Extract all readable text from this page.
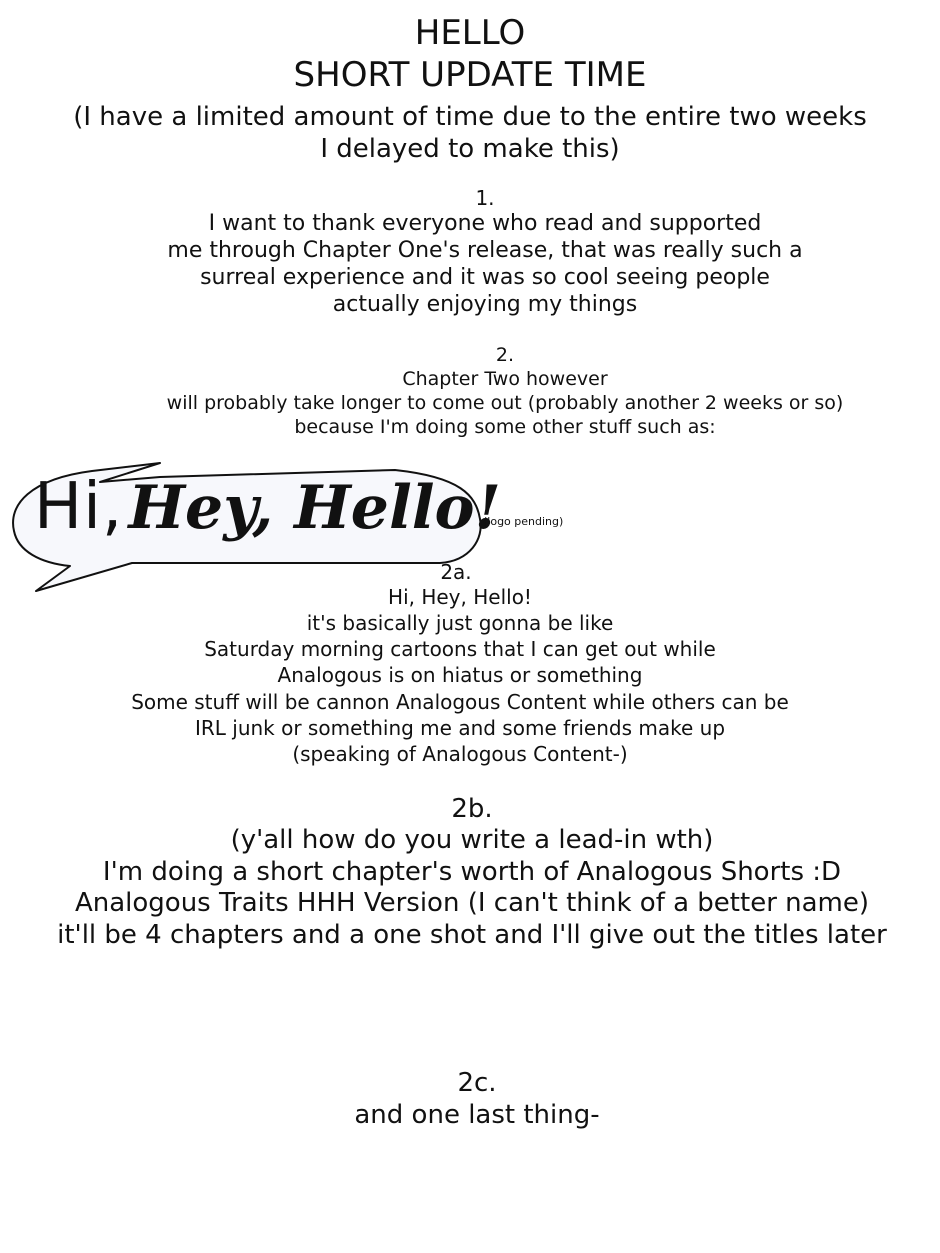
HELLO
SHORT UPDATE TIME
(I have a limited amount of time due to the entire two weeks
I delayed to make this)
1.
I want to thank everyone who read and supported
me through Chapter One's release, that was really such a
surreal experience and it was so cool seeing people
actually enjoying my things
2.
Chapter Two however
will probably take longer to come out (probably another 2 weeks or so)
because I'm doing some other stuff such as:
Hi, Hey, Hello!
(logo pending)
2a.
Hi, Hey, Hello!
it's basically just gonna be like
Saturday morning cartoons that I can get out while
Analogous is on hiatus or something
Some stuff will be cannon Analogous Content while others can be
IRL junk or something me and some friends make up
(speaking of Analogous Content-)
2b.
(y'all how do you write a lead-in wth)
I'm doing a short chapter's worth of Analogous Shorts :D
Analogous Traits HHH Version (I can't think of a better name)
it'll be 4 chapters and a one shot and I'll give out the titles later
2c.
and one last thing-
